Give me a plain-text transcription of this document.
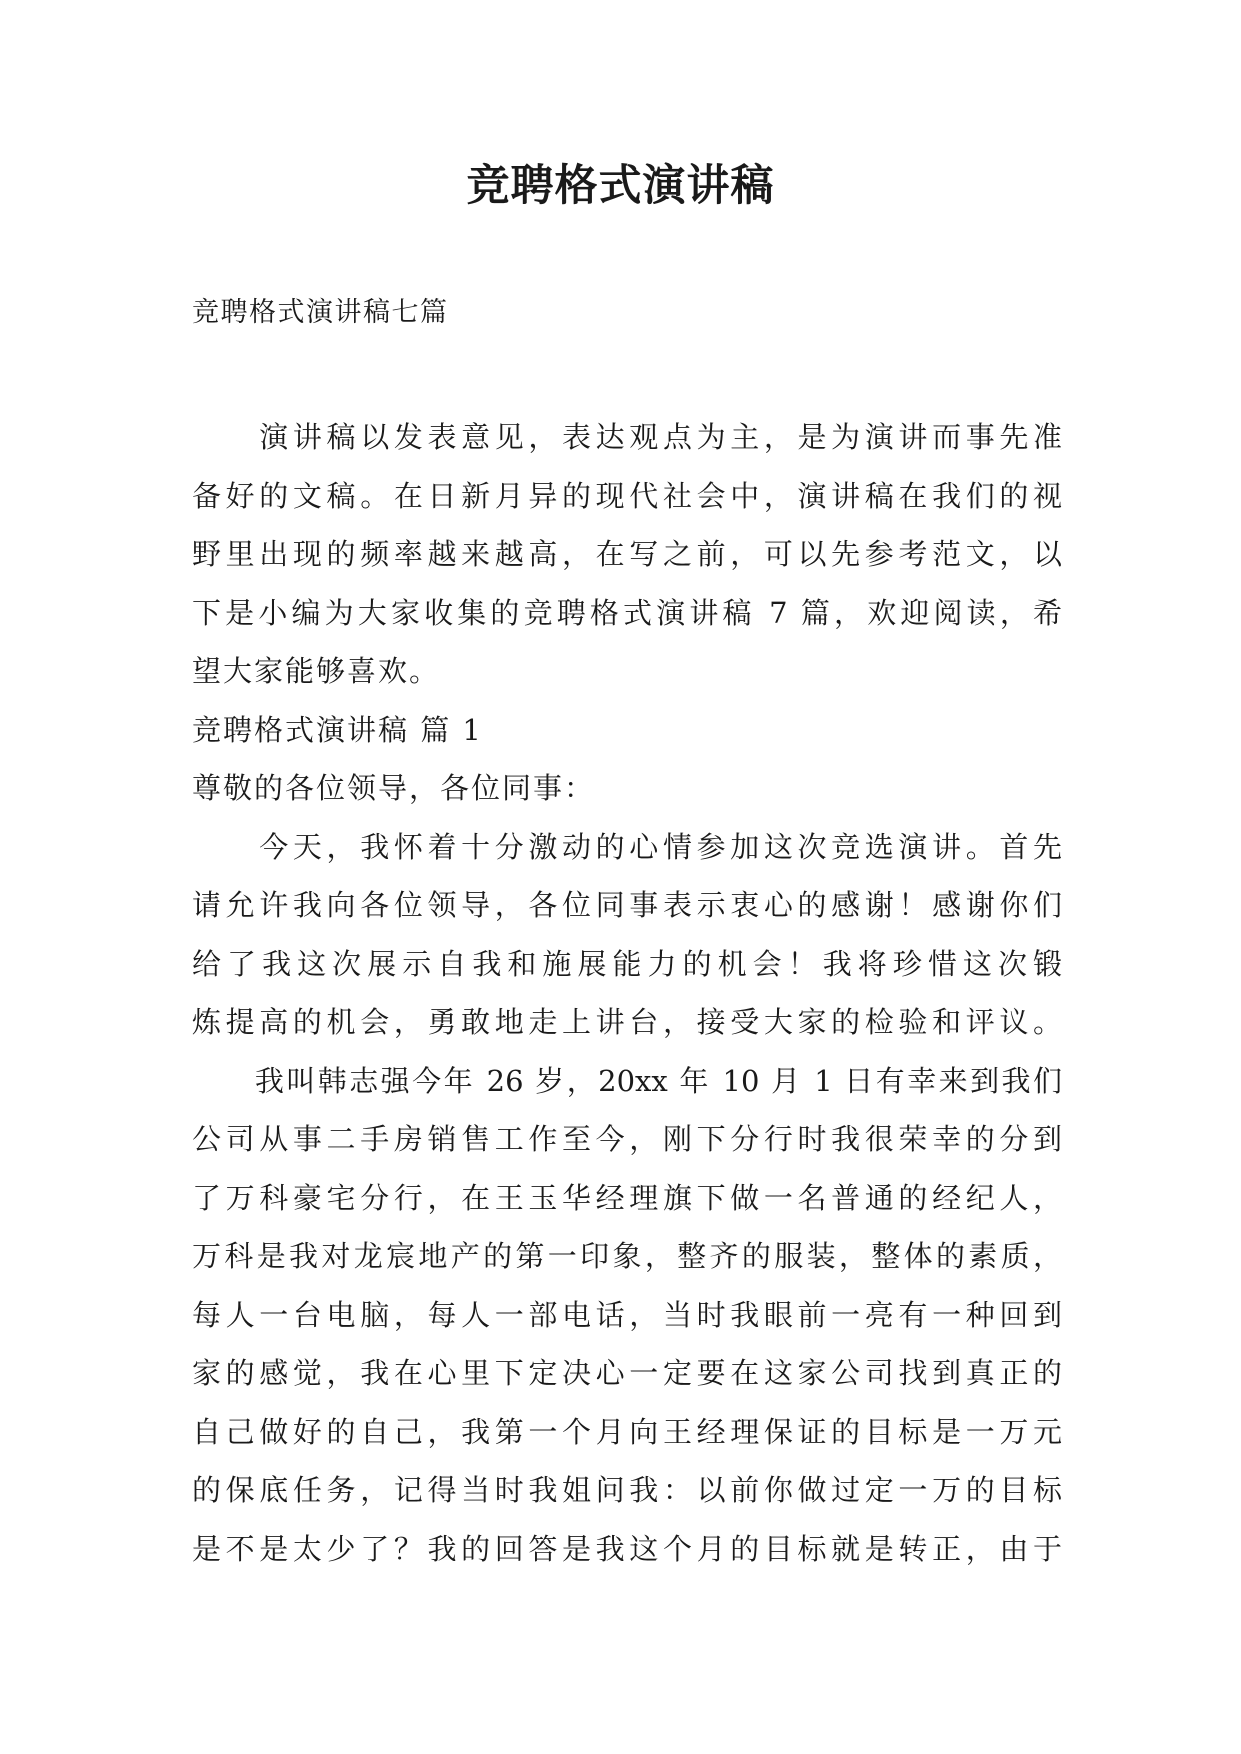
竞聘格式演讲稿

竞聘格式演讲稿七篇

　　演讲稿以发表意见，表达观点为主，是为演讲而事先准
备好的文稿。在日新月异的现代社会中，演讲稿在我们的视
野里出现的频率越来越高，在写之前，可以先参考范文，以
下是小编为大家收集的竞聘格式演讲稿 7 篇，欢迎阅读，希
望大家能够喜欢。
竞聘格式演讲稿 篇 1
尊敬的各位领导，各位同事：
　　今天，我怀着十分激动的心情参加这次竞选演讲。首先
请允许我向各位领导，各位同事表示衷心的感谢！感谢你们
给了我这次展示自我和施展能力的机会！我将珍惜这次锻
炼提高的机会，勇敢地走上讲台，接受大家的检验和评议。
　　我叫韩志强今年 26 岁，20xx 年 10 月 1 日有幸来到我们
公司从事二手房销售工作至今，刚下分行时我很荣幸的分到
了万科豪宅分行，在王玉华经理旗下做一名普通的经纪人，
万科是我对龙宸地产的第一印象，整齐的服装，整体的素质，
每人一台电脑，每人一部电话，当时我眼前一亮有一种回到
家的感觉，我在心里下定决心一定要在这家公司找到真正的
自己做好的自己，我第一个月向王经理保证的目标是一万元
的保底任务，记得当时我姐问我：以前你做过定一万的目标
是不是太少了？我的回答是我这个月的目标就是转正，由于
